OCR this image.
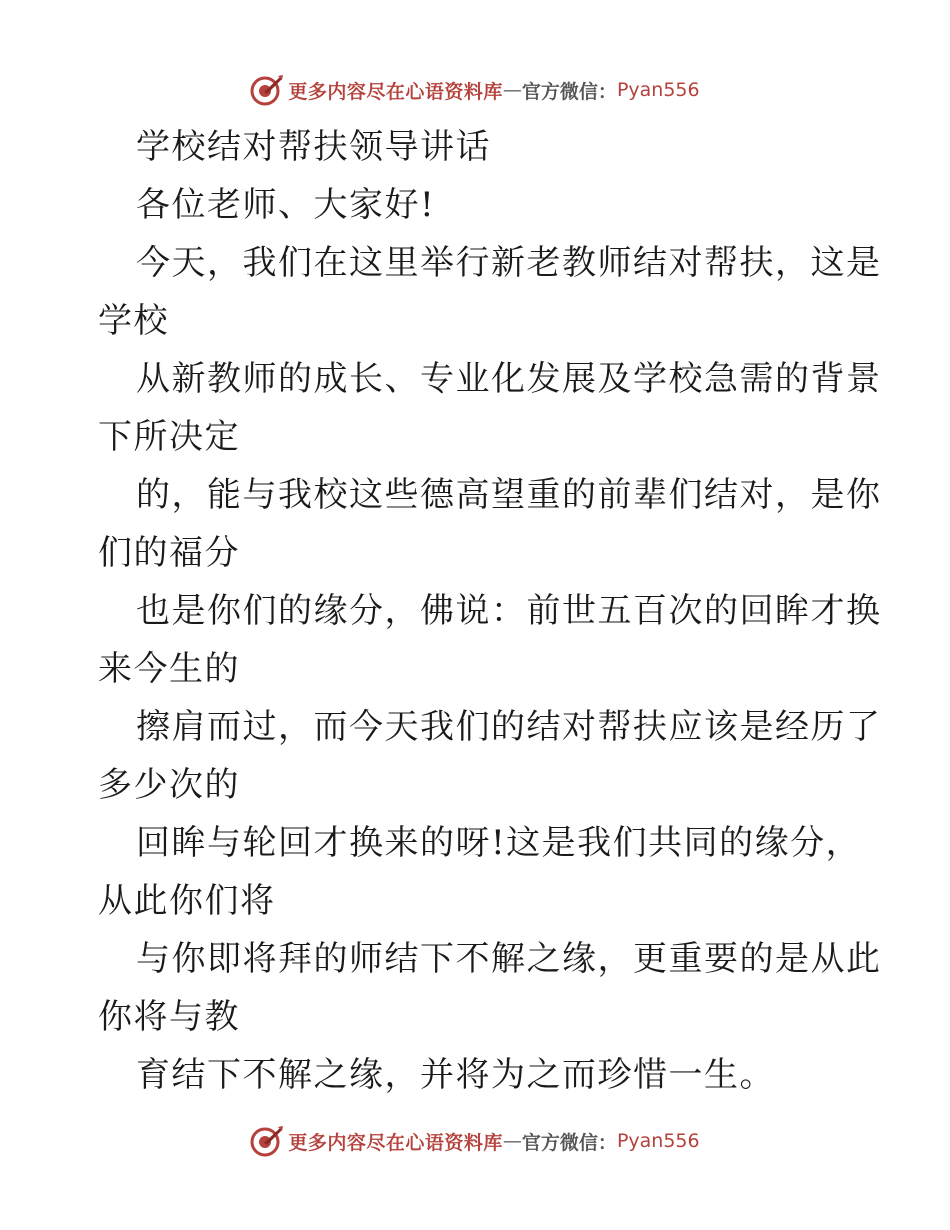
更多内容尽在心语资料库 — 官方微信： Pyan556
学校结对帮扶领导讲话
各位老师、大家好!
今天，我们在这里举行新老教师结对帮扶，这是
学校
从新教师的成长、专业化发展及学校急需的背景
下所决定
的，能与我校这些德高望重的前辈们结对，是你
们的福分
也是你们的缘分，佛说：前世五百次的回眸才换
来今生的
擦肩而过，而今天我们的结对帮扶应该是经历了
多少次的
回眸与轮回才换来的呀!这是我们共同的缘分，
从此你们将
与你即将拜的师结下不解之缘，更重要的是从此
你将与教
育结下不解之缘，并将为之而珍惜一生。
更多内容尽在心语资料库 — 官方微信： Pyan556
